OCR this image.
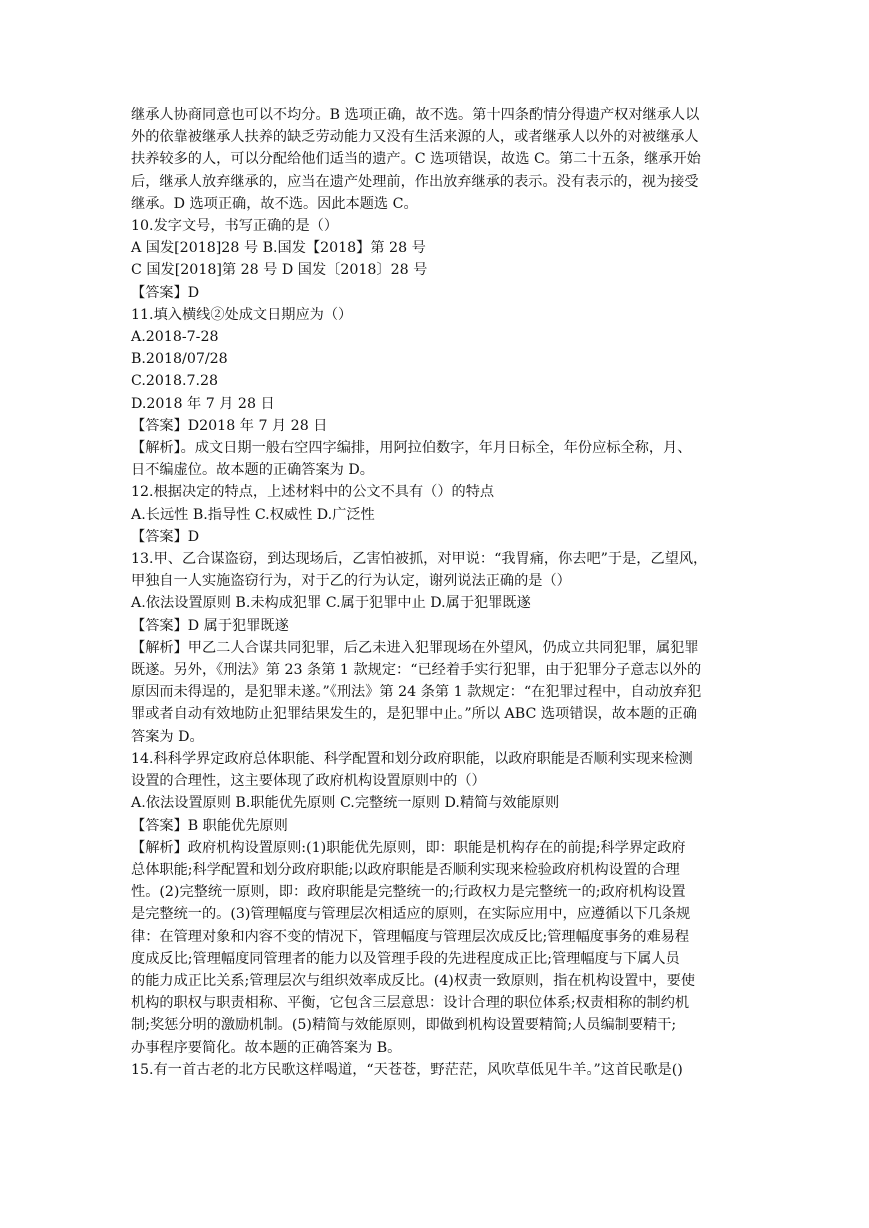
继承人协商同意也可以不均分。B 选项正确，故不选。第十四条酌情分得遗产权对继承人以
外的依靠被继承人扶养的缺乏劳动能力又没有生活来源的人，或者继承人以外的对被继承人
扶养较多的人，可以分配给他们适当的遗产。C 选项错误，故选 C。第二十五条，继承开始
后，继承人放弃继承的，应当在遗产处理前，作出放弃继承的表示。没有表示的，视为接受
继承。D 选项正确，故不选。因此本题选 C。
10.发字文号，书写正确的是（）
A 国发[2018]28 号 B.国发【2018】第 28 号
C 国发[2018]第 28 号 D 国发〔2018〕28 号
【答案】D
11.填入横线②处成文日期应为（）
A.2018-7-28
B.2018/07/28
C.2018.7.28
D.2018 年 7 月 28 日
【答案】D2018 年 7 月 28 日
【解析】。成文日期一般右空四字编排，用阿拉伯数字，年月日标全，年份应标全称，月、
日不编虚位。故本题的正确答案为 D。
12.根据决定的特点，上述材料中的公文不具有（）的特点
A.长远性 B.指导性 C.权威性 D.广泛性
【答案】D
13.甲、乙合谋盗窃，到达现场后，乙害怕被抓，对甲说：“我胃痛，你去吧”于是，乙望风，
甲独自一人实施盗窃行为，对于乙的行为认定，谢列说法正确的是（）
A.依法设置原则 B.未构成犯罪 C.属于犯罪中止 D.属于犯罪既遂
【答案】D 属于犯罪既遂
【解析】甲乙二人合谋共同犯罪，后乙未进入犯罪现场在外望风，仍成立共同犯罪，属犯罪
既遂。另外，《刑法》第 23 条第 1 款规定：“已经着手实行犯罪，由于犯罪分子意志以外的
原因而未得逞的，是犯罪未遂。”《刑法》第 24 条第 1 款规定：“在犯罪过程中，自动放弃犯
罪或者自动有效地防止犯罪结果发生的，是犯罪中止。”所以 ABC 选项错误，故本题的正确
答案为 D。
14.科科学界定政府总体职能、科学配置和划分政府职能，以政府职能是否顺利实现来检测
设置的合理性，这主要体现了政府机构设置原则中的（）
A.依法设置原则 B.职能优先原则 C.完整统一原则 D.精简与效能原则
【答案】B 职能优先原则
【解析】政府机构设置原则:(1)职能优先原则，即：职能是机构存在的前提;科学界定政府
总体职能;科学配置和划分政府职能;以政府职能是否顺利实现来检验政府机构设置的合理
性。(2)完整统一原则，即：政府职能是完整统一的;行政权力是完整统一的;政府机构设置
是完整统一的。(3)管理幅度与管理层次相适应的原则，在实际应用中，应遵循以下几条规
律：在管理对象和内容不变的情况下，管理幅度与管理层次成反比;管理幅度事务的难易程
度成反比;管理幅度同管理者的能力以及管理手段的先进程度成正比;管理幅度与下属人员
的能力成正比关系;管理层次与组织效率成反比。(4)权责一致原则，指在机构设置中，要使
机构的职权与职责相称、平衡，它包含三层意思：设计合理的职位体系;权责相称的制约机
制;奖惩分明的激励机制。(5)精简与效能原则，即做到机构设置要精简;人员编制要精干;
办事程序要简化。故本题的正确答案为 B。
15.有一首古老的北方民歌这样喝道，“天苍苍，野茫茫，风吹草低见牛羊。”这首民歌是()
